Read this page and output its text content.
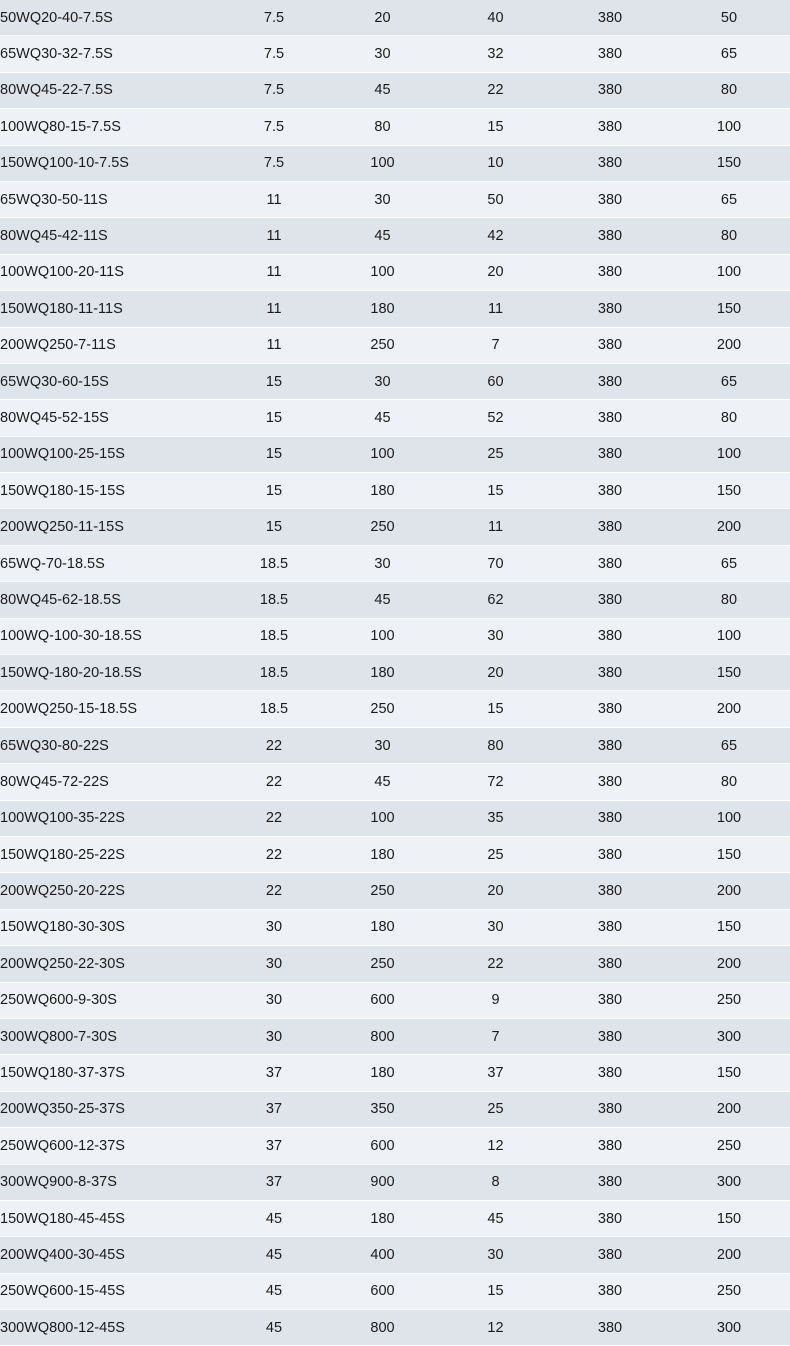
50WQ20-40-7.5S	7.5	20	40	380	50
65WQ30-32-7.5S	7.5	30	32	380	65
80WQ45-22-7.5S	7.5	45	22	380	80
100WQ80-15-7.5S	7.5	80	15	380	100
150WQ100-10-7.5S	7.5	100	10	380	150
65WQ30-50-11S	11	30	50	380	65
80WQ45-42-11S	11	45	42	380	80
100WQ100-20-11S	11	100	20	380	100
150WQ180-11-11S	11	180	11	380	150
200WQ250-7-11S	11	250	7	380	200
65WQ30-60-15S	15	30	60	380	65
80WQ45-52-15S	15	45	52	380	80
100WQ100-25-15S	15	100	25	380	100
150WQ180-15-15S	15	180	15	380	150
200WQ250-11-15S	15	250	11	380	200
65WQ-70-18.5S	18.5	30	70	380	65
80WQ45-62-18.5S	18.5	45	62	380	80
100WQ-100-30-18.5S	18.5	100	30	380	100
150WQ-180-20-18.5S	18.5	180	20	380	150
200WQ250-15-18.5S	18.5	250	15	380	200
65WQ30-80-22S	22	30	80	380	65
80WQ45-72-22S	22	45	72	380	80
100WQ100-35-22S	22	100	35	380	100
150WQ180-25-22S	22	180	25	380	150
200WQ250-20-22S	22	250	20	380	200
150WQ180-30-30S	30	180	30	380	150
200WQ250-22-30S	30	250	22	380	200
250WQ600-9-30S	30	600	9	380	250
300WQ800-7-30S	30	800	7	380	300
150WQ180-37-37S	37	180	37	380	150
200WQ350-25-37S	37	350	25	380	200
250WQ600-12-37S	37	600	12	380	250
300WQ900-8-37S	37	900	8	380	300
150WQ180-45-45S	45	180	45	380	150
200WQ400-30-45S	45	400	30	380	200
250WQ600-15-45S	45	600	15	380	250
300WQ800-12-45S	45	800	12	380	300
